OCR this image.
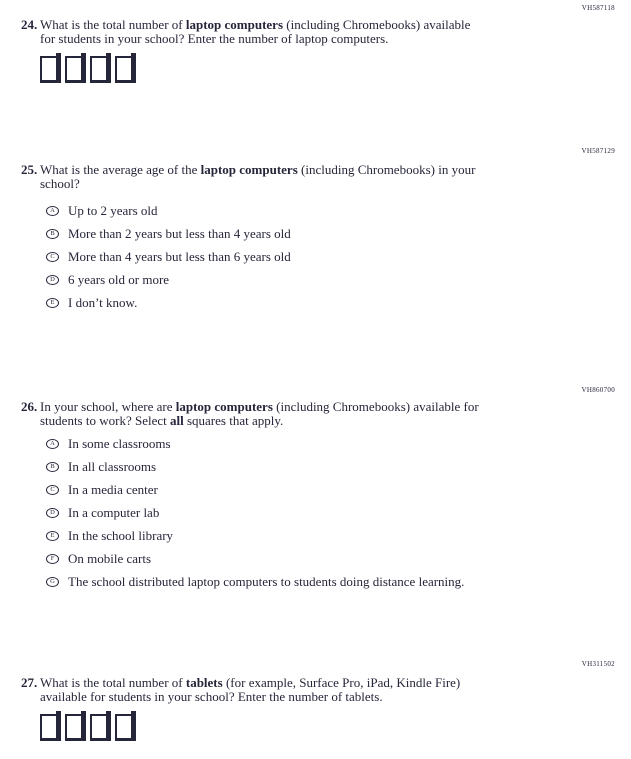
VH587118
24. What is the total number of laptop computers (including Chromebooks) available
for students in your school? Enter the number of laptop computers.
VH587129
25. What is the average age of the laptop computers (including Chromebooks) in your
school?
A	Up to 2 years old
B	More than 2 years but less than 4 years old
C	More than 4 years but less than 6 years old
D	6 years old or more
E	I don’t know.
VH860700
26. In your school, where are laptop computers (including Chromebooks) available for
students to work? Select all squares that apply.
A	In some classrooms
B	In all classrooms
C	In a media center
D	In a computer lab
E	In the school library
F	On mobile carts
G	The school distributed laptop computers to students doing distance learning.
VH311502
27. What is the total number of tablets (for example, Surface Pro, iPad, Kindle Fire)
available for students in your school? Enter the number of tablets.
